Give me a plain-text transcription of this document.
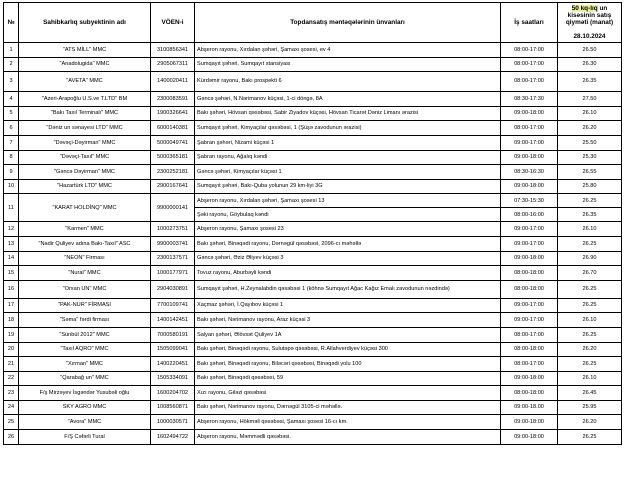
№	Sahibkarlıq subyektinin adı	VÖEN-i	Topdansatış məntəqələrinin ünvanları	İş saatları	50 kq-lıq un kisəsinin satış qiyməti (manat)

28.10.2024
1	"ATS MİLL" MMC	3100856341	Abşeron rayonu, Xırdalan şəhəri, Şamaxı şosesi, ev 4	08:00-17:00	26.50
2	"Anadolugida" MMC	2905067311	Sumqayıt şəhəri, Sumqayıt stansiyası	08:00-17:00	26.30
3	"AVETA" MMC	1400020411	Kürdəmir rayonu, Bakı prospekti 6	08:00-17:00	26.35
4	"Azeri-Arapoğlu U.S.ve T.LTD" BM	2300083591	Gəncə şəhəri, N.Nərimanov küçəsi, 1-ci döngə, 8A	08:30-17:30	27.50
5	"Bakı Taxıl Terminalı" MMC	1900326641	Bakı şəhəri, Hövsan qəsəbəsi, Sabir Ziyadov küçəsi, Hövsan Ticarət Dəniz Limanı ərazisi	09:00-18:00	26.10
6	"Dəniz un sənayesi LTD" MMC	6000140381	Sumqayıt şəhəri, Kimyaçılar qəsəbəsi, 1 (Şüşə zavodunun ərazisi)	08:00-17:00	26.20
7	"Dəvəçi-Dəyirman" MMC	5000049741	Şabran şəhəri, Nizami küçəsi 1	09:00-17:00	25.50
8	"Dəvəçi-Taxıl" MMC	5000365181	Şabran rayonu, Ağalıq kəndi	09:00-18:00	25.30
9	"Gəncə Dəyirman" MMC	2300252181	Gəncə şəhəri, Kimyaçılar küçəsi 1	08:30-16:30	26.55
10	"Hazartürk LTD" MMC	2900167641	Sumqayıt şəhəri, Bakı-Quba yolunun 29 km-liyi 3G	09:00-18:00	25.80
11	"KARAT HOLDİNQ" MMC	9900000141	Abşeron rayonu, Xırdalan şəhəri, Şamaxı şosesi 13	07:30-15:30	26.25
			Şəki rayonu, Göybulaq kəndi	08:00-16:00	26.35
12	"Karmen" MMC	1000273751	Abşeron rayonu, Şamaxı şosesi 23	09:00-17:00	26.10
13	"Nadir Quliyev adına Bakı-Taxıl" ASC	9900003741	Bakı şəhəri, Binəqədi rayonu, Dərnəgül qəsəbəsi, 2096-cı məhəllə	09:00-17:00	26.25
14	"NEON" Firması	2300137571	Gəncə şəhəri, Əziz Əliyev küçəsi 3	09:00-18:00	26.90
15	"Nural" MMC	1000177971	Tovuz rayonu, Aburbəyli kəndi	08:00-18:00	26.70
16	"Orxan UN" MMC	2904030891	Sumqayıt şəhəri, H.Zeynalabdin qəsəbəsi 1 (köhnə Sumqayıt Ağac Kağız Emalı zavodunun nəzdində)	08:00-18:00	26.25
17	"PAK-NUR" FİRMASI	7700109741	Xaçmaz şəhəri, İ.Qayıbov küçəsi 1	09:00-17:00	26.25
18	"Səma" fərdi firması	1400142451	Bakı şəhəri, Nərimanov rayonu, Araz küçəsi 3	09:00-17:00	26.10
19	"Sünbül 2012" MMC	7000580191	Salyan şəhəri, Əlövsət Quliyev 1A	08:00-17:00	26.25
20	"Taxıl AQRO" MMC	1505099041	Bakı şəhəri, Binəqədi rayonu, Sulutəpə qəsəbəsi, R.Allahverdiyev küçəsi 300	08:00-18:00	26.20
21	"Xırman" MMC	1400220451	Bakı şəhəri, Binəqədi rayonu, Biləcəri qəsəbəsi, Binəqədi yolu 100	08:00-17:00	26.25
22	"Qarabağ un" MMC	1505334091	Bakı şəhəri, Binəqədi qəsəbəsi, 59	09:00-18:00	26.10
23	F/ş Mirzəyev İsgəndər Yusubəli oğlu	1600204702	Xızı rayonu, Giləzi qəsəbəsi	08:00-18:00	26.45
24	SKY AGRO MMC	1008560871	Bakı şəhəri, Nərimanov rayonu, Dərnəgül 3105-ci məhəllə.	09:00-18.00	25.95
25	"Avora" MMC	1000030571	Abşeron rayonu, Hökməli qəsəbəsi, Şamaxı şosesi 16-cı km.	09:00-18:00	26.20
26	F/Ş Cəfərli Tural	1602494722	Abşeron rayonu, Məmmədli qəsəbəsi.	09:00-18:00	26.25
